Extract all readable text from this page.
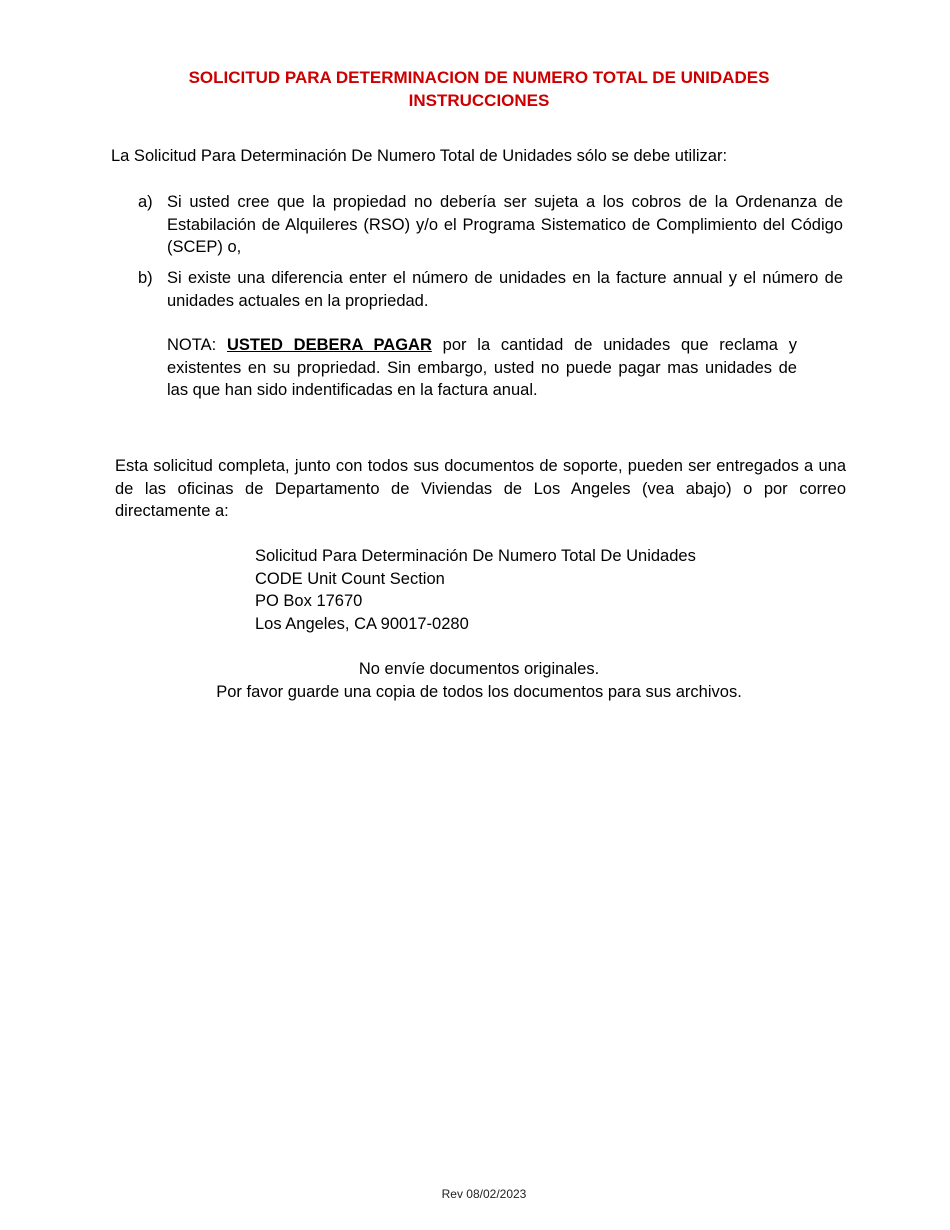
SOLICITUD PARA DETERMINACION DE NUMERO TOTAL DE UNIDADES
INSTRUCCIONES
La Solicitud Para Determinación De Numero Total de Unidades sólo se debe utilizar:
a) Si usted cree que la propiedad no debería ser sujeta a los cobros de la Ordenanza de Estabilación de Alquileres (RSO) y/o el Programa Sistematico de Complimiento del Código (SCEP) o,
b) Si existe una diferencia enter el número de unidades en la facture annual y el número de unidades actuales en la propriedad.
NOTA: USTED DEBERA PAGAR por la cantidad de unidades que reclama y existentes en su propriedad. Sin embargo, usted no puede pagar mas unidades de las que han sido indentificadas en la factura anual.
Esta solicitud completa, junto con todos sus documentos de soporte, pueden ser entregados a una de las oficinas de Departamento de Viviendas de Los Angeles (vea abajo) o por correo directamente a:
Solicitud Para Determinación De Numero Total De Unidades
CODE Unit Count Section
PO Box 17670
Los Angeles, CA 90017-0280
No envíe documentos originales.
Por favor guarde una copia de todos los documentos para sus archivos.
Rev 08/02/2023
